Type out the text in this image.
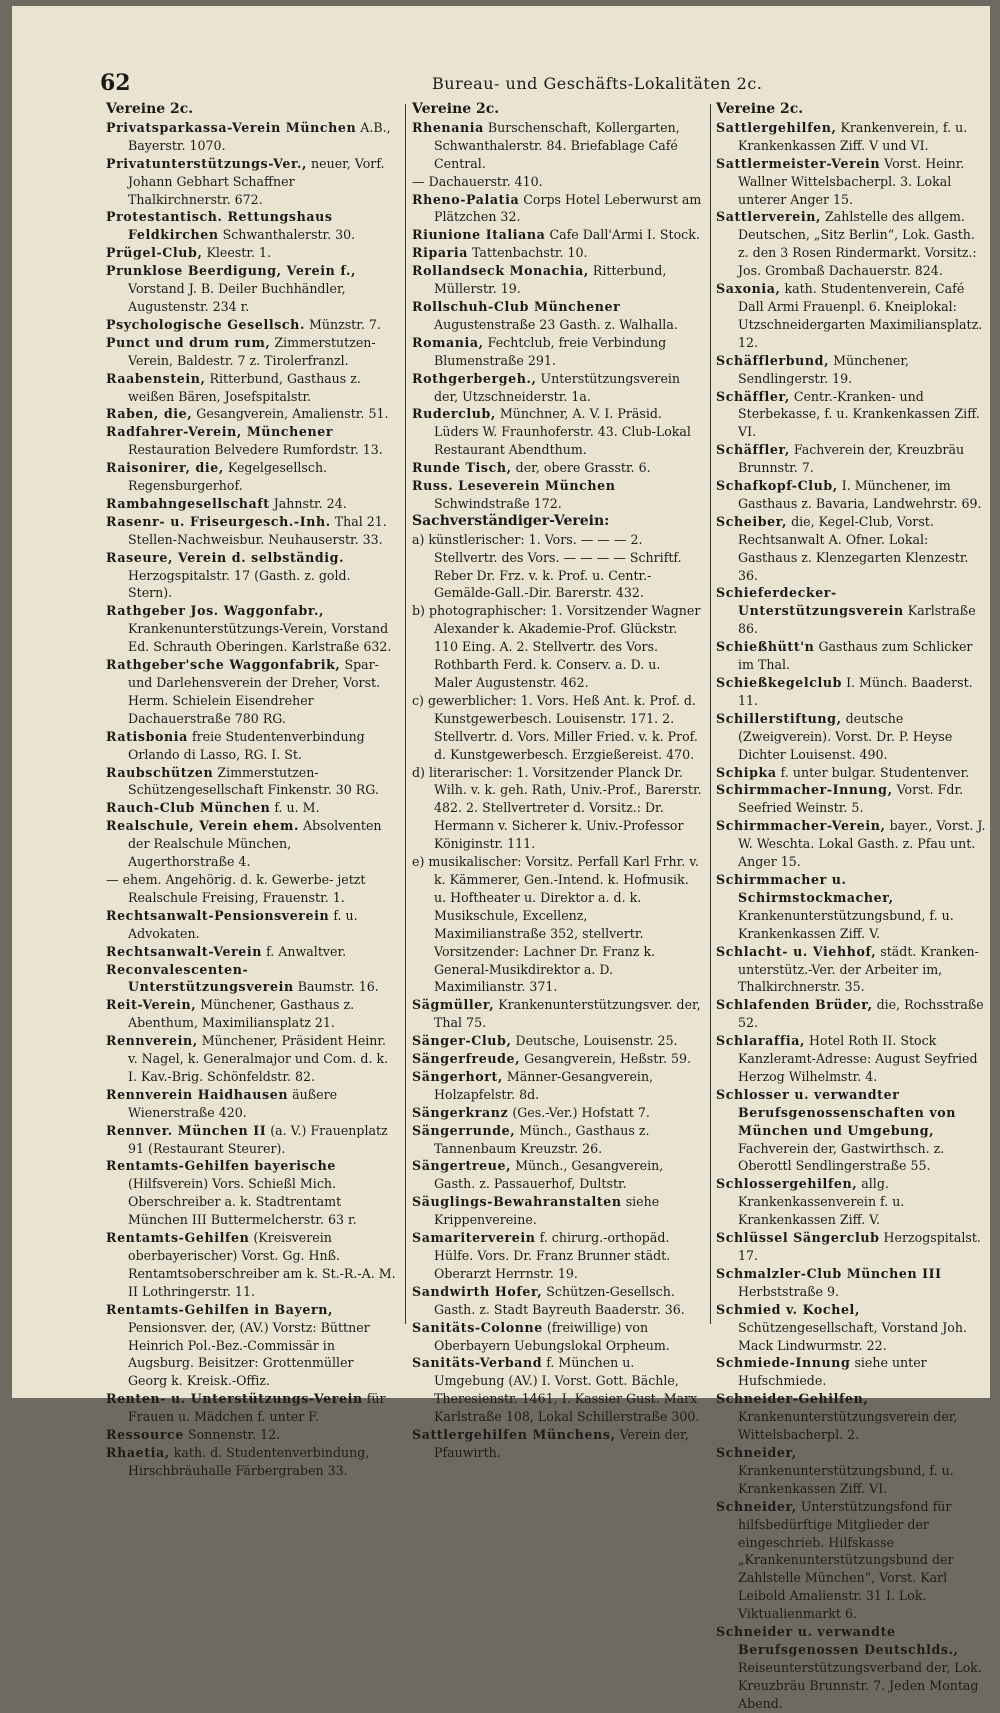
62	Bureau- und Geschäfts-Lokalitäten 2c.
Vereine 2c.
Privatsparkassa-Verein München A.B., Bayerstr. 1070.
Privatunterstützungs-Ver., neuer, Vorf. Johann Gebhart Schaffner Thalkirchnerstr. 672.
Protestantisch. Rettungshaus Feldkirchen Schwanthalerstr. 30.
Prügel-Club, Kleestr. 1.
Prunklose Beerdigung, Verein f., Vorstand J. B. Deiler Buchhändler, Augustenstr. 234 r.
Psychologische Gesellsch. Münzstr. 7.
Punct und drum rum, Zimmerstutzen-Verein, Baldestr. 7 z. Tirolerfranzl.
Raabenstein, Ritterbund, Gasthaus z. weißen Bären, Josefspitalstr.
Raben, die, Gesangverein, Amalienstr. 51.
Radfahrer-Verein, Münchener Restauration Belvedere Rumfordstr. 13.
Raisonirer, die, Kegelgesellsch. Regensburgerhof.
Rambahngesellschaft Jahnstr. 24.
Rasenr- u. Friseurgesch.-Inh. Thal 21. Stellen-Nachweisbur. Neuhauserstr. 33.
Raseure, Verein d. selbständig. Herzogspitalstr. 17 (Gasth. z. gold. Stern).
Rathgeber Jos. Waggonfabr., Krankenunterstützungs-Verein, Vorstand Ed. Schrauth Oberingen. Karlstraße 632.
Rathgeber'sche Waggonfabrik, Spar- und Darlehensverein der Dreher, Vorst. Herm. Schielein Eisendreher Dachauerstraße 780 RG.
Ratisbonia freie Studentenverbindung Orlando di Lasso, RG. I. St.
Raubschützen Zimmerstutzen-Schützengesellschaft Finkenstr. 30 RG.
Rauch-Club München f. u. M.
Realschule, Verein ehem. Absolventen der Realschule München, Augerthorstraße 4.
— ehem. Angehörig. d. k. Gewerbe- jetzt Realschule Freising, Frauenstr. 1.
Rechtsanwalt-Pensionsverein f. u. Advokaten.
Rechtsanwalt-Verein f. Anwaltver.
Reconvalescenten-Unterstützungsverein Baumstr. 16.
Reit-Verein, Münchener, Gasthaus z. Abenthum, Maximiliansplatz 21.
Rennverein, Münchener, Präsident Heinr. v. Nagel, k. Generalmajor und Com. d. k. I. Kav.-Brig. Schönfeldstr. 82.
Rennverein Haidhausen äußere Wienerstraße 420.
Rennver. München II (a. V.) Frauenplatz 91 (Restaurant Steurer).
Rentamts-Gehilfen bayerische (Hilfsverein) Vors. Schießl Mich. Oberschreiber a. k. Stadtrentamt München III Buttermelcherstr. 63 r.
Rentamts-Gehilfen (Kreisverein oberbayerischer) Vorst. Gg. Hnß. Rentamtsoberschreiber am k. St.-R.-A. M. II Lothringerstr. 11.
Rentamts-Gehilfen in Bayern, Pensionsver. der, (AV.) Vorstz: Büttner Heinrich Pol.-Bez.-Commissär in Augsburg. Beisitzer: Grottenmüller Georg k. Kreisk.-Offiz.
Renten- u. Unterstützungs-Verein für Frauen u. Mädchen f. unter F.
Ressource Sonnenstr. 12.
Rhaetia, kath. d. Studentenverbindung, Hirschbräuhalle Färbergraben 33.
Vereine 2c.
Rhenania Burschenschaft, Kollergarten, Schwanthalerstr. 84. Briefablage Café Central.
— Dachauerstr. 410.
Rheno-Palatia Corps Hotel Leberwurst am Plätzchen 32.
Riunione Italiana Cafe Dall'Armi I. Stock.
Riparia Tattenbachstr. 10.
Rollandseck Monachia, Ritterbund, Müllerstr. 19.
Rollschuh-Club Münchener Augustenstraße 23 Gasth. z. Walhalla.
Romania, Fechtclub, freie Verbindung Blumenstraße 291.
Rothgerbergeh., Unterstützungsverein der, Utzschneiderstr. 1a.
Ruderclub, Münchner, A. V. I. Präsid. Lüders W. Fraunhoferstr. 43. Club-Lokal Restaurant Abendthum.
Runde Tisch, der, obere Grasstr. 6.
Russ. Leseverein München Schwindstraße 172.
Sachverständiger-Verein:
a) künstlerischer: 1. Vors. — — — 2. Stellvertr. des Vors. — — — — Schriftf. Reber Dr. Frz. v. k. Prof. u. Centr.-Gemälde-Gall.-Dir. Barerstr. 432.
b) photographischer: 1. Vorsitzender Wagner Alexander k. Akademie-Prof. Glückstr. 110 Eing. A. 2. Stellvertr. des Vors. Rothbarth Ferd. k. Conserv. a. D. u. Maler Augustenstr. 462.
c) gewerblicher: 1. Vors. Heß Ant. k. Prof. d. Kunstgewerbesch. Louisenstr. 171. 2. Stellvertr. d. Vors. Miller Fried. v. k. Prof. d. Kunstgewerbesch. Erzgießereist. 470.
d) literarischer: 1. Vorsitzender Planck Dr. Wilh. v. k. geh. Rath, Univ.-Prof., Barerstr. 482. 2. Stellvertreter d. Vorsitz.: Dr. Hermann v. Sicherer k. Univ.-Professor Königinstr. 111.
e) musikalischer: Vorsitz. Perfall Karl Frhr. v. k. Kämmerer, Gen.-Intend. k. Hofmusik. u. Hoftheater u. Direktor a. d. k. Musikschule, Excellenz, Maximilianstraße 352, stellvertr. Vorsitzender: Lachner Dr. Franz k. General-Musikdirektor a. D. Maximilianstr. 371.
Sägmüller, Krankenunterstützungsver. der, Thal 75.
Sänger-Club, Deutsche, Louisenstr. 25.
Sängerfreude, Gesangverein, Heßstr. 59.
Sängerhort, Männer-Gesangverein, Holzapfelstr. 8d.
Sängerkranz (Ges.-Ver.) Hofstatt 7.
Sängerrunde, Münch., Gasthaus z. Tannenbaum Kreuzstr. 26.
Sängertreue, Münch., Gesangverein, Gasth. z. Passauerhof, Dultstr.
Säuglings-Bewahranstalten siehe Krippenvereine.
Samariterverein f. chirurg.-orthopäd. Hülfe. Vors. Dr. Franz Brunner städt. Oberarzt Herrnstr. 19.
Sandwirth Hofer, Schützen-Gesellsch. Gasth. z. Stadt Bayreuth Baaderstr. 36.
Sanitäts-Colonne (freiwillige) von Oberbayern Uebungslokal Orpheum.
Sanitäts-Verband f. München u. Umgebung (AV.) I. Vorst. Gott. Bächle, Theresienstr. 1461, I. Kassier Gust. Marx Karlstraße 108, Lokal Schillerstraße 300.
Sattlergehilfen Münchens, Verein der, Pfauwirth.
Vereine 2c.
Sattlergehilfen, Krankenverein, f. u. Krankenkassen Ziff. V und VI.
Sattlermeister-Verein Vorst. Heinr. Wallner Wittelsbacherpl. 3. Lokal unterer Anger 15.
Sattlerverein, Zahlstelle des allgem. Deutschen, „Sitz Berlin“, Lok. Gasth. z. den 3 Rosen Rindermarkt. Vorsitz.: Jos. Grombaß Dachauerstr. 824.
Saxonia, kath. Studentenverein, Café Dall Armi Frauenpl. 6. Kneiplokal: Utzschneidergarten Maximiliansplatz. 12.
Schäfflerbund, Münchener, Sendlingerstr. 19.
Schäffler, Centr.-Kranken- und Sterbekasse, f. u. Krankenkassen Ziff. VI.
Schäffler, Fachverein der, Kreuzbräu Brunnstr. 7.
Schafkopf-Club, I. Münchener, im Gasthaus z. Bavaria, Landwehrstr. 69.
Scheiber, die, Kegel-Club, Vorst. Rechtsanwalt A. Ofner. Lokal: Gasthaus z. Klenzegarten Klenzestr. 36.
Schieferdecker-Unterstützungsverein Karlstraße 86.
Schießhütt'n Gasthaus zum Schlicker im Thal.
Schießkegelclub I. Münch. Baaderst. 11.
Schillerstiftung, deutsche (Zweigverein). Vorst. Dr. P. Heyse Dichter Louisenst. 490.
Schipka f. unter bulgar. Studentenver.
Schirmmacher-Innung, Vorst. Fdr. Seefried Weinstr. 5.
Schirmmacher-Verein, bayer., Vorst. J. W. Weschta. Lokal Gasth. z. Pfau unt. Anger 15.
Schirmmacher u. Schirmstockmacher, Krankenunterstützungsbund, f. u. Krankenkassen Ziff. V.
Schlacht- u. Viehhof, städt. Kranken-unterstütz.-Ver. der Arbeiter im, Thalkirchnerstr. 35.
Schlafenden Brüder, die, Rochsstraße 52.
Schlaraffia, Hotel Roth II. Stock Kanzleramt-Adresse: August Seyfried Herzog Wilhelmstr. 4.
Schlosser u. verwandter Berufsgenossenschaften von München und Umgebung, Fachverein der, Gastwirthsch. z. Oberottl Sendlingerstraße 55.
Schlossergehilfen, allg. Krankenkassenverein f. u. Krankenkassen Ziff. V.
Schlüssel Sängerclub Herzogspitalst. 17.
Schmalzler-Club München III Herbststraße 9.
Schmied v. Kochel, Schützengesellschaft, Vorstand Joh. Mack Lindwurmstr. 22.
Schmiede-Innung siehe unter Hufschmiede.
Schneider-Gehilfen, Krankenunterstützungsverein der, Wittelsbacherpl. 2.
Schneider, Krankenunterstützungsbund, f. u. Krankenkassen Ziff. VI.
Schneider, Unterstützungsfond für hilfsbedürftige Mitglieder der eingeschrieb. Hilfskasse „Krankenunterstützungsbund der Zahlstelle München“, Vorst. Karl Leibold Amalienstr. 31 I. Lok. Viktualienmarkt 6.
Schneider u. verwandte Berufsgenossen Deutschlds., Reiseunterstützungsverband der, Lok. Kreuzbräu Brunnstr. 7. Jeden Montag Abend.
